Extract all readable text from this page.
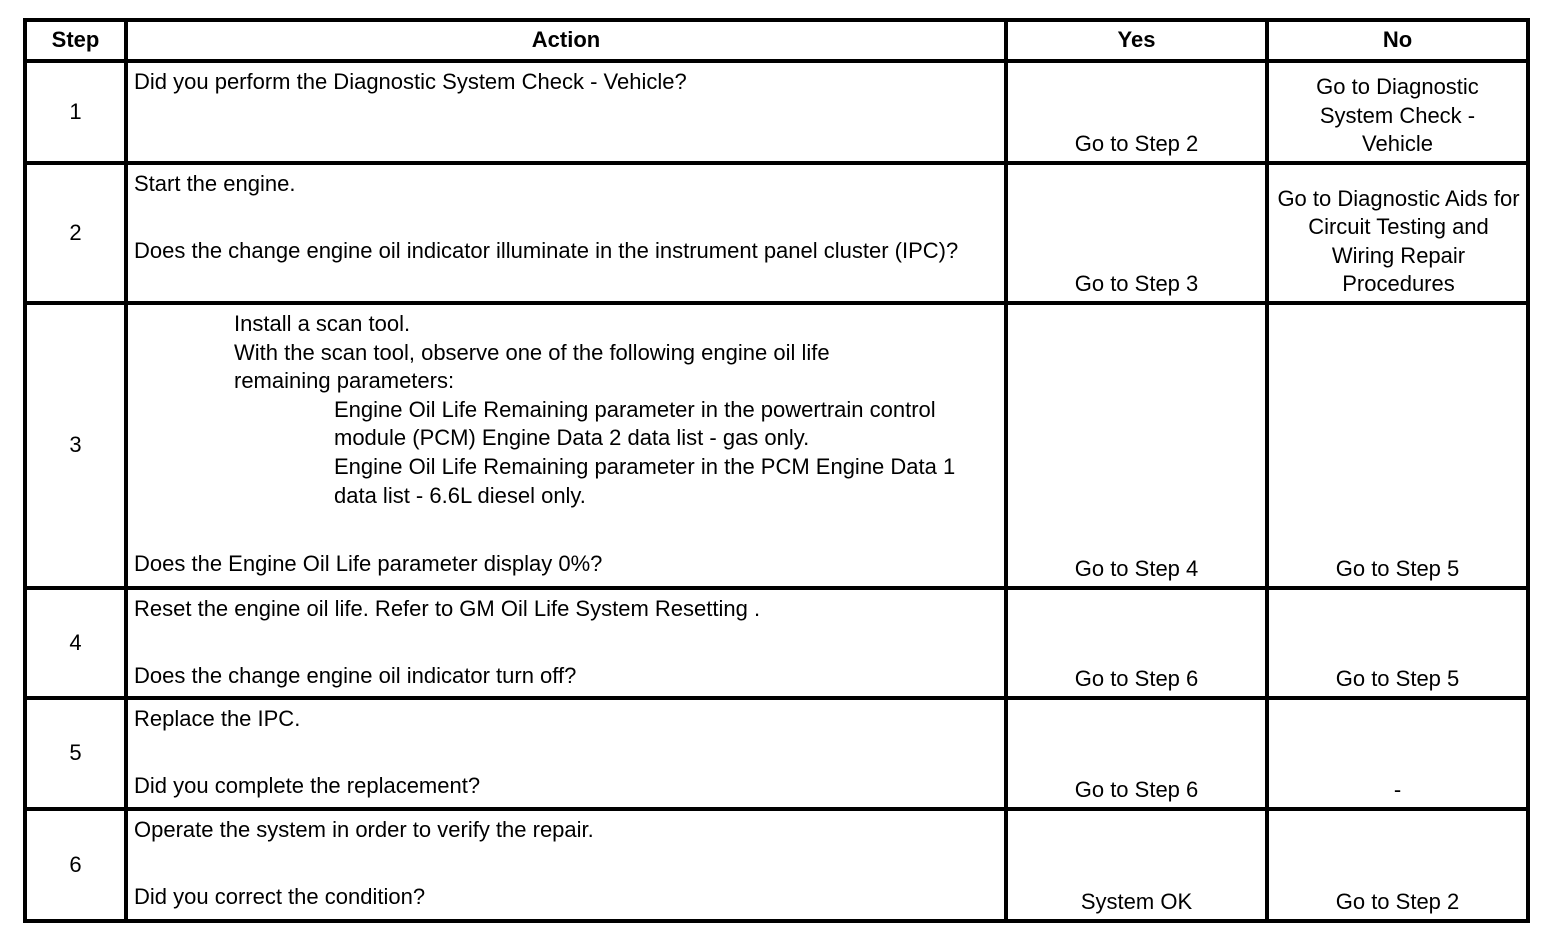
Step	Action	Yes	No
1	Did you perform the Diagnostic System Check - Vehicle?	Go to Step 2	Go to Diagnostic System Check - Vehicle
2	Start the engine.

Does the change engine oil indicator illuminate in the instrument panel cluster (IPC)?	Go to Step 3	Go to Diagnostic Aids for Circuit Testing and Wiring Repair Procedures
3	Install a scan tool.

With the scan tool, observe one of the following engine oil life remaining parameters:

Engine Oil Life Remaining parameter in the powertrain control module (PCM) Engine Data 2 data list - gas only.

Engine Oil Life Remaining parameter in the PCM Engine Data 1 data list - 6.6L diesel only.

Does the Engine Oil Life parameter display 0%?	Go to Step 4	Go to Step 5
4	Reset the engine oil life. Refer to GM Oil Life System Resetting .

Does the change engine oil indicator turn off?	Go to Step 6	Go to Step 5
5	Replace the IPC.

Did you complete the replacement?	Go to Step 6	-
6	Operate the system in order to verify the repair.

Did you correct the condition?	System OK	Go to Step 2
